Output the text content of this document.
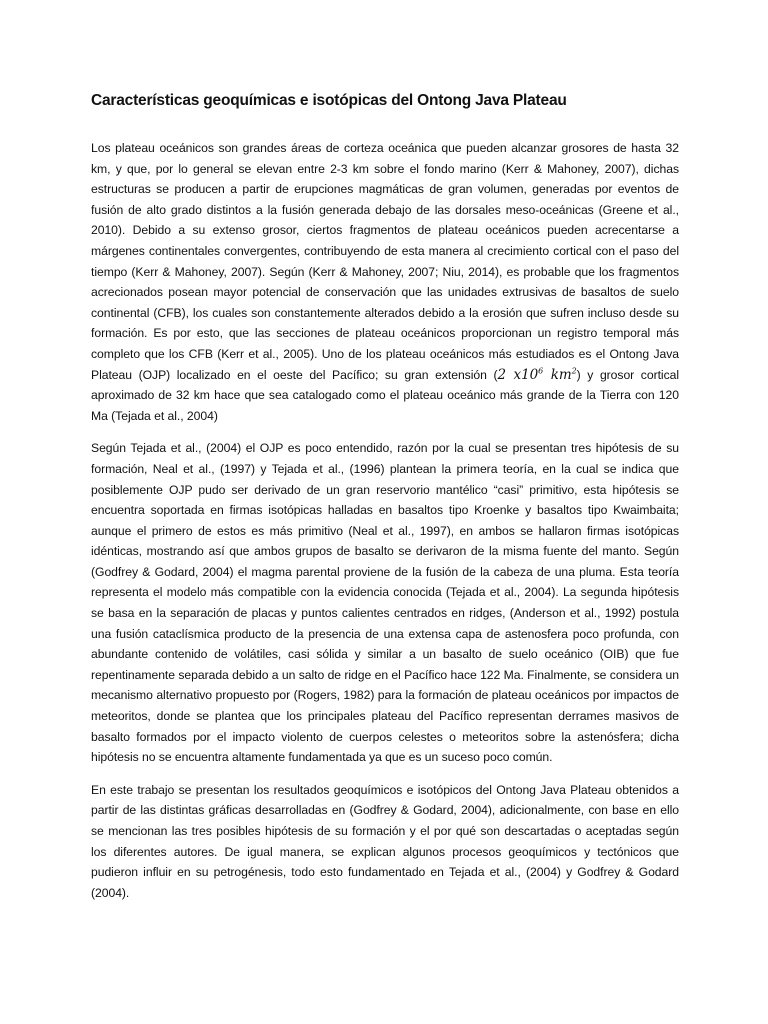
Características geoquímicas e isotópicas del Ontong Java Plateau

Los plateau oceánicos son grandes áreas de corteza oceánica que pueden alcanzar grosores de hasta 32 km, y que, por lo general se elevan entre 2-3 km sobre el fondo marino (Kerr & Mahoney, 2007), dichas estructuras se producen a partir de erupciones magmáticas de gran volumen, generadas por eventos de fusión de alto grado distintos a la fusión generada debajo de las dorsales meso-oceánicas (Greene et al., 2010). Debido a su extenso grosor, ciertos fragmentos de plateau oceánicos pueden acrecentarse a márgenes continentales convergentes, contribuyendo de esta manera al crecimiento cortical con el paso del tiempo (Kerr & Mahoney, 2007). Según (Kerr & Mahoney, 2007; Niu, 2014), es probable que los fragmentos acrecionados posean mayor potencial de conservación que las unidades extrusivas de basaltos de suelo continental (CFB), los cuales son constantemente alterados debido a la erosión que sufren incluso desde su formación. Es por esto, que las secciones de plateau oceánicos proporcionan un registro temporal más completo que los CFB (Kerr et al., 2005). Uno de los plateau oceánicos más estudiados es el Ontong Java Plateau (OJP) localizado en el oeste del Pacífico; su gran extensión (2 $x10^6$ $km^2$) y grosor cortical aproximado de 32 km hace que sea catalogado como el plateau oceánico más grande de la Tierra con 120 Ma (Tejada et al., 2004)

Según Tejada et al., (2004) el OJP es poco entendido, razón por la cual se presentan tres hipótesis de su formación, Neal et al., (1997) y Tejada et al., (1996) plantean la primera teoría, en la cual se indica que posiblemente OJP pudo ser derivado de un gran reservorio mantélico “casi” primitivo, esta hipótesis se encuentra soportada en firmas isotópicas halladas en basaltos tipo Kroenke y basaltos tipo Kwaimbaita; aunque el primero de estos es más primitivo (Neal et al., 1997), en ambos se hallaron firmas isotópicas idénticas, mostrando así que ambos grupos de basalto se derivaron de la misma fuente del manto. Según (Godfrey & Godard, 2004) el magma parental proviene de la fusión de la cabeza de una pluma. Esta teoría representa el modelo más compatible con la evidencia conocida (Tejada et al., 2004). La segunda hipótesis se basa en la separación de placas y puntos calientes centrados en ridges, (Anderson et al., 1992) postula una fusión cataclísmica producto de la presencia de una extensa capa de astenosfera poco profunda, con abundante contenido de volátiles, casi sólida y similar a un basalto de suelo oceánico (OIB) que fue repentinamente separada debido a un salto de ridge en el Pacífico hace 122 Ma. Finalmente, se considera un mecanismo alternativo propuesto por (Rogers, 1982) para la formación de plateau oceánicos por impactos de meteoritos, donde se plantea que los principales plateau del Pacífico representan derrames masivos de basalto formados por el impacto violento de cuerpos celestes o meteoritos sobre la astenósfera; dicha hipótesis no se encuentra altamente fundamentada ya que es un suceso poco común.

En este trabajo se presentan los resultados geoquímicos e isotópicos del Ontong Java Plateau obtenidos a partir de las distintas gráficas desarrolladas en (Godfrey & Godard, 2004), adicionalmente, con base en ello se mencionan las tres posibles hipótesis de su formación y el por qué son descartadas o aceptadas según los diferentes autores. De igual manera, se explican algunos procesos geoquímicos y tectónicos que pudieron influir en su petrogénesis, todo esto fundamentado en Tejada et al., (2004) y Godfrey & Godard (2004).
